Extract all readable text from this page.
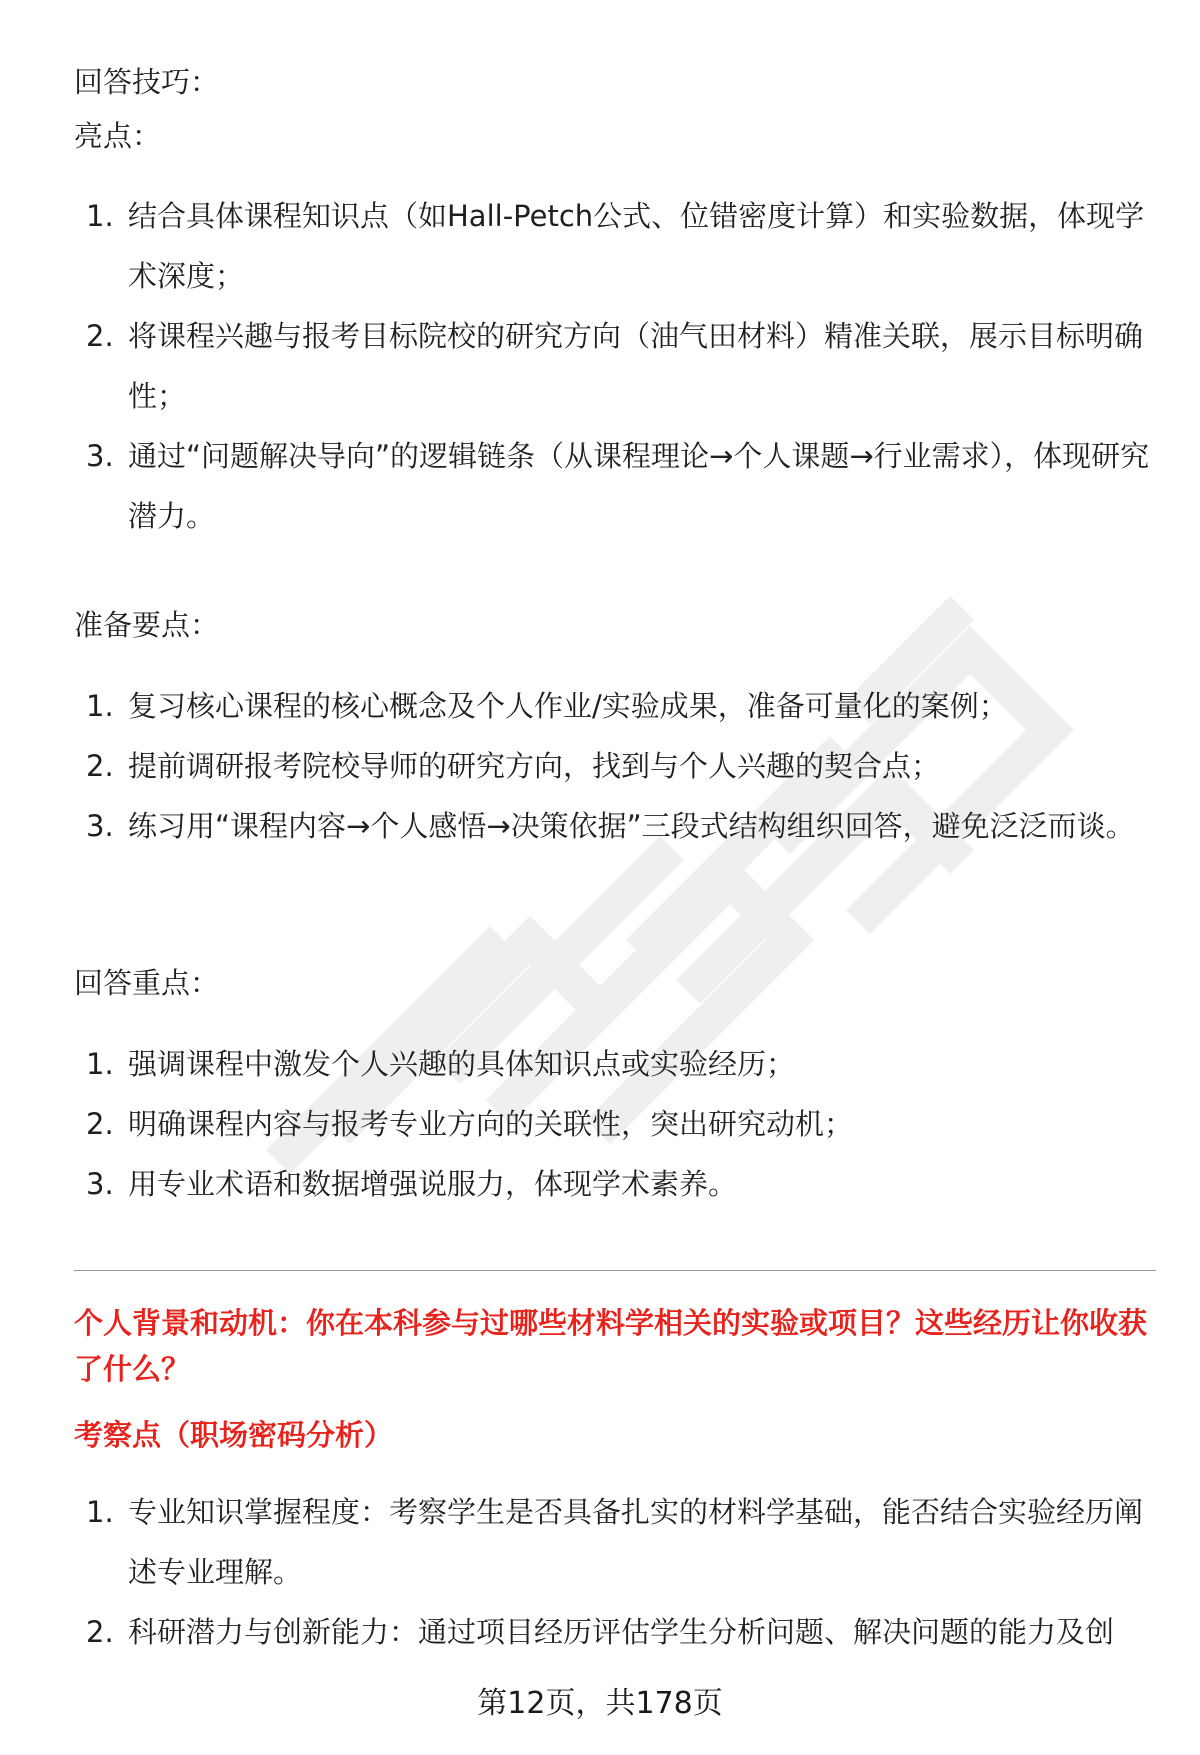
回答技巧：
亮点：
1. 结合具体课程知识点（如Hall-Petch公式、位错密度计算）和实验数据，体现学术深度；
2. 将课程兴趣与报考目标院校的研究方向（油气田材料）精准关联，展示目标明确性；
3. 通过“问题解决导向”的逻辑链条（从课程理论→个人课题→行业需求），体现研究潜力。
准备要点：
1. 复习核心课程的核心概念及个人作业/实验成果，准备可量化的案例；
2. 提前调研报考院校导师的研究方向，找到与个人兴趣的契合点；
3. 练习用“课程内容→个人感悟→决策依据”三段式结构组织回答，避免泛泛而谈。
回答重点：
1. 强调课程中激发个人兴趣的具体知识点或实验经历；
2. 明确课程内容与报考专业方向的关联性，突出研究动机；
3. 用专业术语和数据增强说服力，体现学术素养。
个人背景和动机：你在本科参与过哪些材料学相关的实验或项目？这些经历让你收获了什么？
考察点（职场密码分析）
1. 专业知识掌握程度：考察学生是否具备扎实的材料学基础，能否结合实验经历阐述专业理解。
2. 科研潜力与创新能力：通过项目经历评估学生分析问题、解决问题的能力及创
第12页，共178页
